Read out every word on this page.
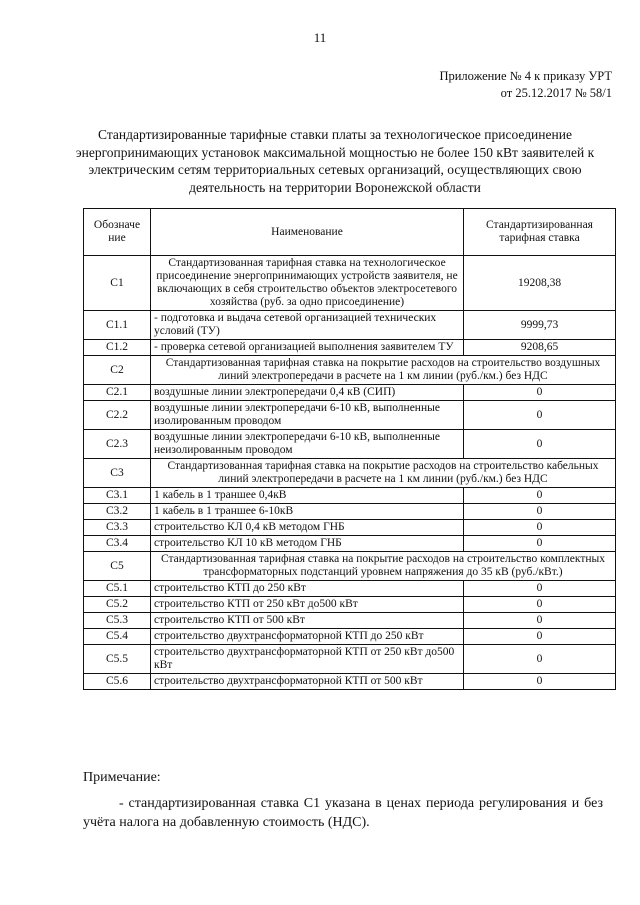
11
Приложение № 4 к приказу УРТ
от 25.12.2017 № 58/1
Стандартизированные тарифные ставки платы за технологическое присоединение энергопринимающих установок максимальной мощностью не более 150 кВт заявителей к электрическим сетям территориальных сетевых организаций, осуществляющих свою деятельность на территории Воронежской области
Обозначе ние	Наименование	Стандартизированная тарифная ставка
С1	Стандартизованная тарифная ставка на технологическое присоединение энергопринимающих устройств заявителя, не включающих в себя строительство объектов электросетевого хозяйства (руб. за одно присоединение)	19208,38
С1.1	- подготовка и выдача сетевой организацией технических условий (ТУ)	9999,73
С1.2	- проверка сетевой организацией выполнения заявителем ТУ	9208,65
С2	Стандартизованная тарифная ставка на покрытие расходов на строительство воздушных линий электропередачи в расчете на 1 км линии (руб./км.) без НДС	
С2.1	воздушные линии электропередачи 0,4 кВ (СИП)	0
С2.2	воздушные линии электропередачи 6-10 кВ, выполненные изолированным проводом	0
С2.3	воздушные линии электропередачи 6-10 кВ, выполненные неизолированным проводом	0
С3	Стандартизованная тарифная ставка на покрытие расходов на строительство кабельных линий электропередачи в расчете на 1 км линии (руб./км.) без НДС	
С3.1	1 кабель в 1 траншее 0,4кВ	0
С3.2	1 кабель в 1 траншее 6-10кВ	0
С3.3	строительство КЛ 0,4 кВ методом ГНБ	0
С3.4	строительство КЛ 10 кВ методом ГНБ	0
С5	Стандартизованная тарифная ставка на покрытие расходов на строительство комплектных трансформаторных подстанций уровнем напряжения до 35 кВ (руб./кВт.)	
С5.1	строительство КТП до 250 кВт	0
С5.2	строительство КТП от 250 кВт до500 кВт	0
С5.3	строительство КТП от 500 кВт	0
С5.4	строительство двухтрансформаторной КТП до 250 кВт	0
С5.5	строительство двухтрансформаторной КТП от 250 кВт до500 кВт	0
С5.6	строительство двухтрансформаторной КТП от 500 кВт	0
Примечание:
- стандартизированная ставка С1 указана в ценах периода регулирования и без учёта налога на добавленную стоимость (НДС).
